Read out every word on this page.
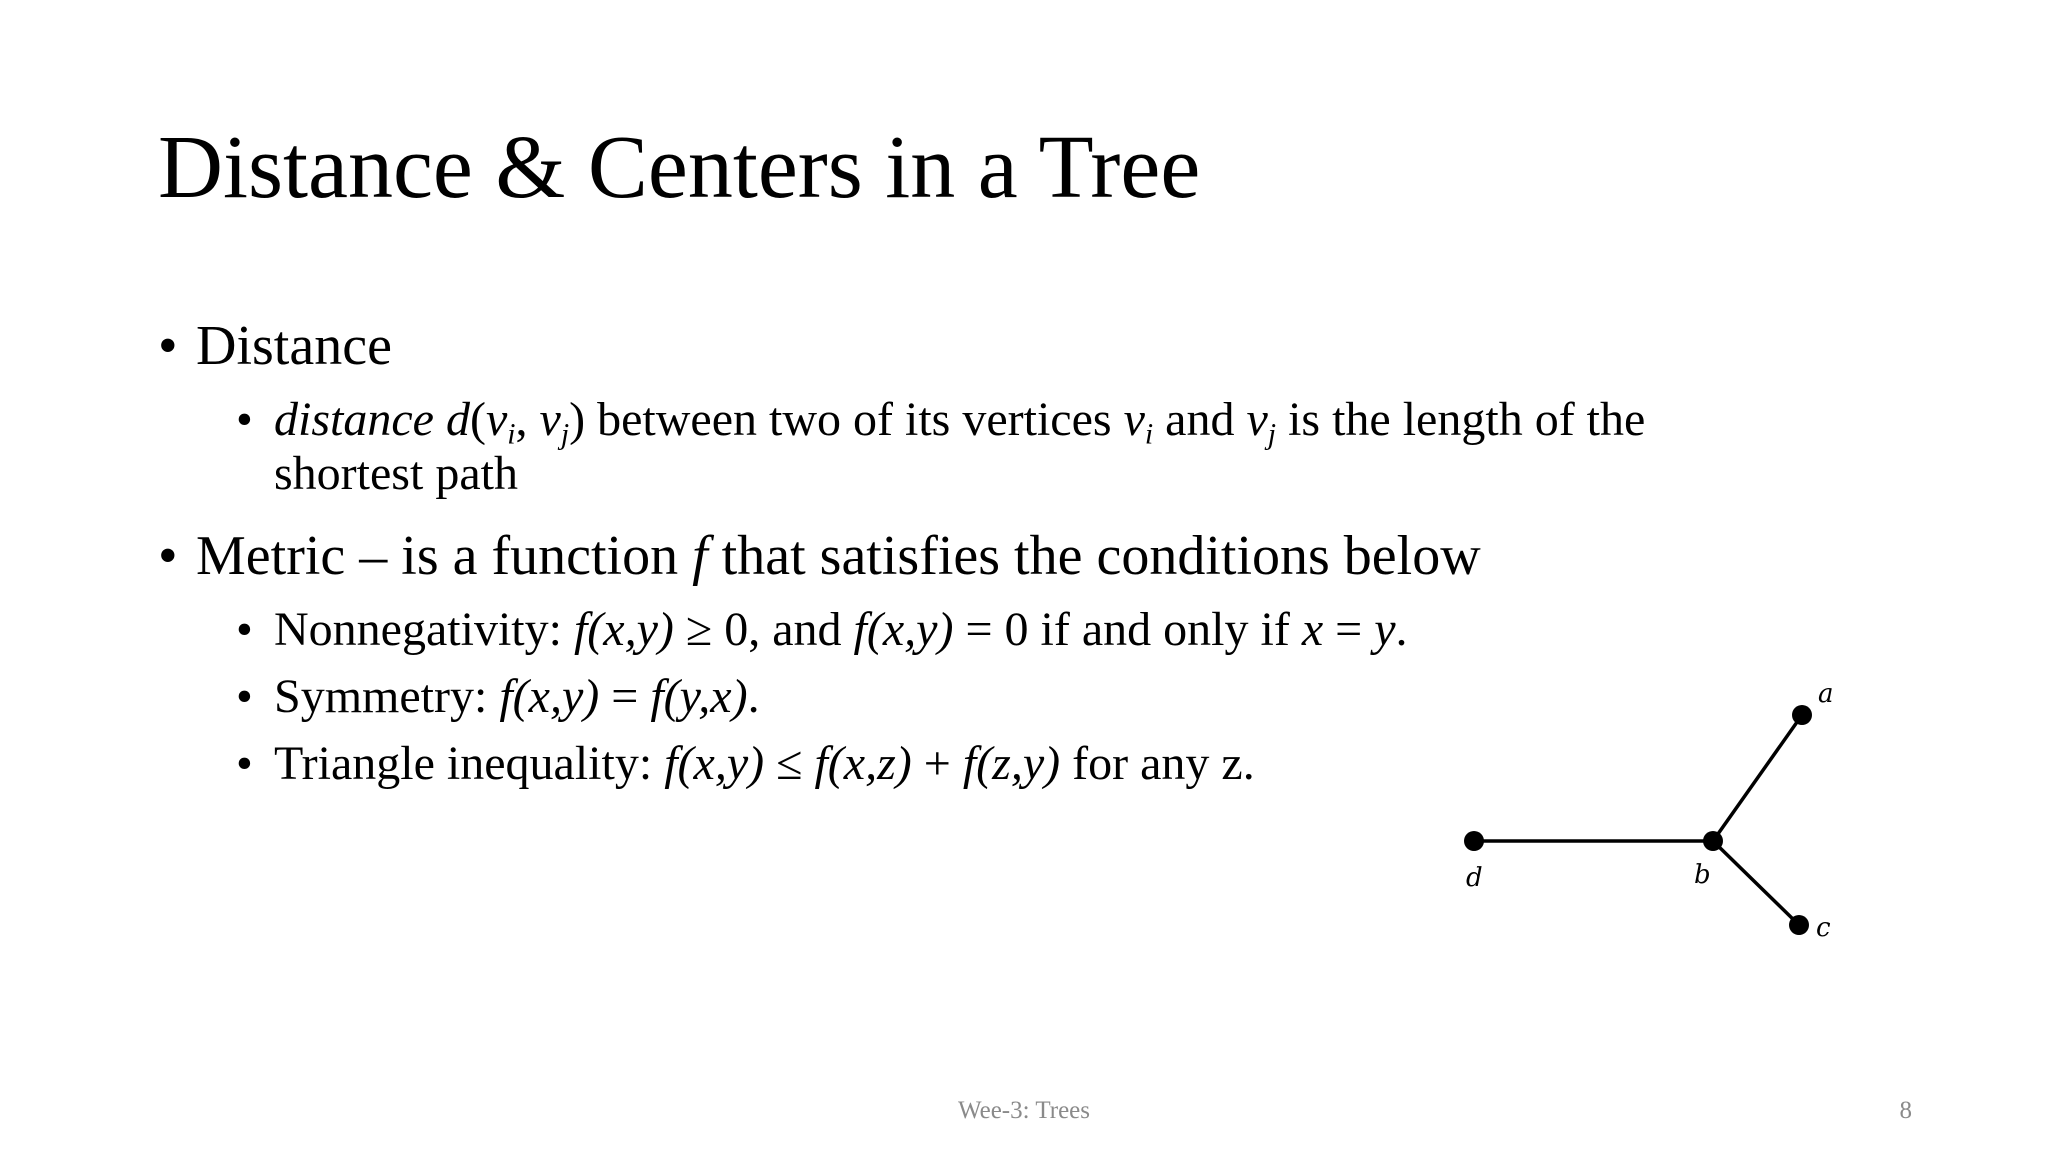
Distance & Centers in a Tree
• Distance
• distance $d(v_i$, $v_j$) between two of its vertices $v_i$ and $v_j$ is the length of the
shortest path
• Metric – is a function f that satisfies the conditions below
• Nonnegativity: f(x,y) ≥ 0, and f(x,y) = 0 if and only if x = y.
• Symmetry: f(x,y) = f(y,x).
• Triangle inequality: f(x,y) ≤ f(x,z) + f(z,y) for any z.
a
b
c
d
Wee-3: Trees	8
